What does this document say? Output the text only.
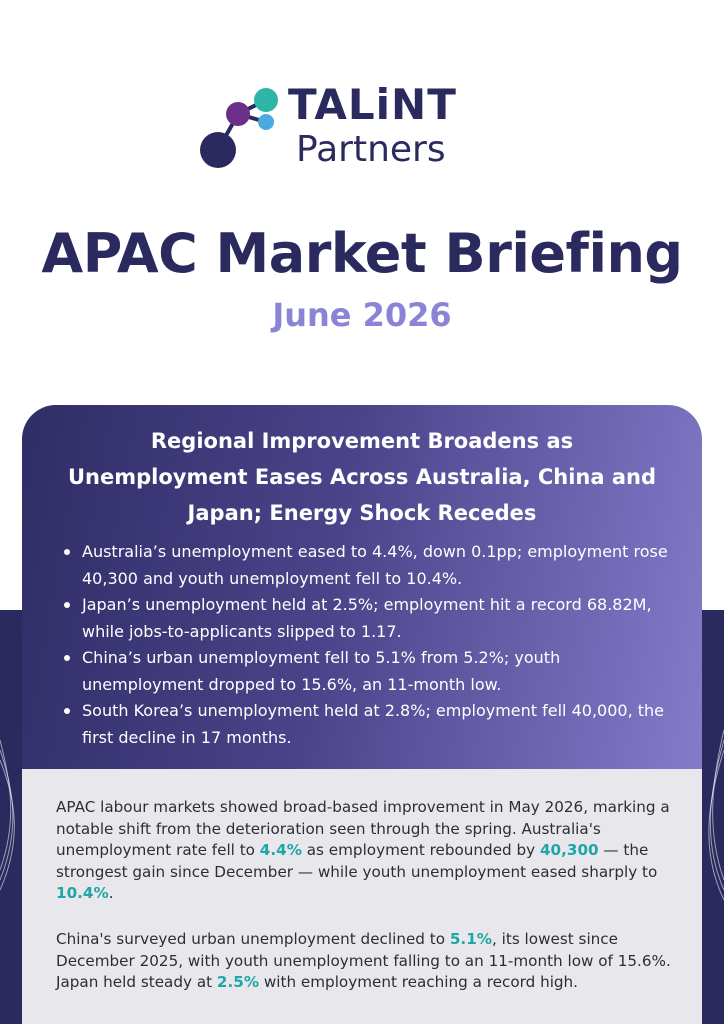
TALiNT
Partners
APAC Market Briefing
June 2026
Regional Improvement Broadens as Unemployment Eases Across Australia, China and Japan; Energy Shock Recedes
Australia’s unemployment eased to 4.4%, down 0.1pp; employment rose 40,300 and youth unemployment fell to 10.4%.
Japan’s unemployment held at 2.5%; employment hit a record 68.82M, while jobs-to-applicants slipped to 1.17.
China’s urban unemployment fell to 5.1% from 5.2%; youth unemployment dropped to 15.6%, an 11-month low.
South Korea’s unemployment held at 2.8%; employment fell 40,000, the first decline in 17 months.

APAC labour markets showed broad-based improvement in May 2026, marking a notable shift from the deterioration seen through the spring. Australia's unemployment rate fell to 4.4% as employment rebounded by 40,300 — the strongest gain since December — while youth unemployment eased sharply to 10.4%.

China's surveyed urban unemployment declined to 5.1%, its lowest since December 2025, with youth unemployment falling to an 11-month low of 15.6%. Japan held steady at 2.5% with employment reaching a record high.
